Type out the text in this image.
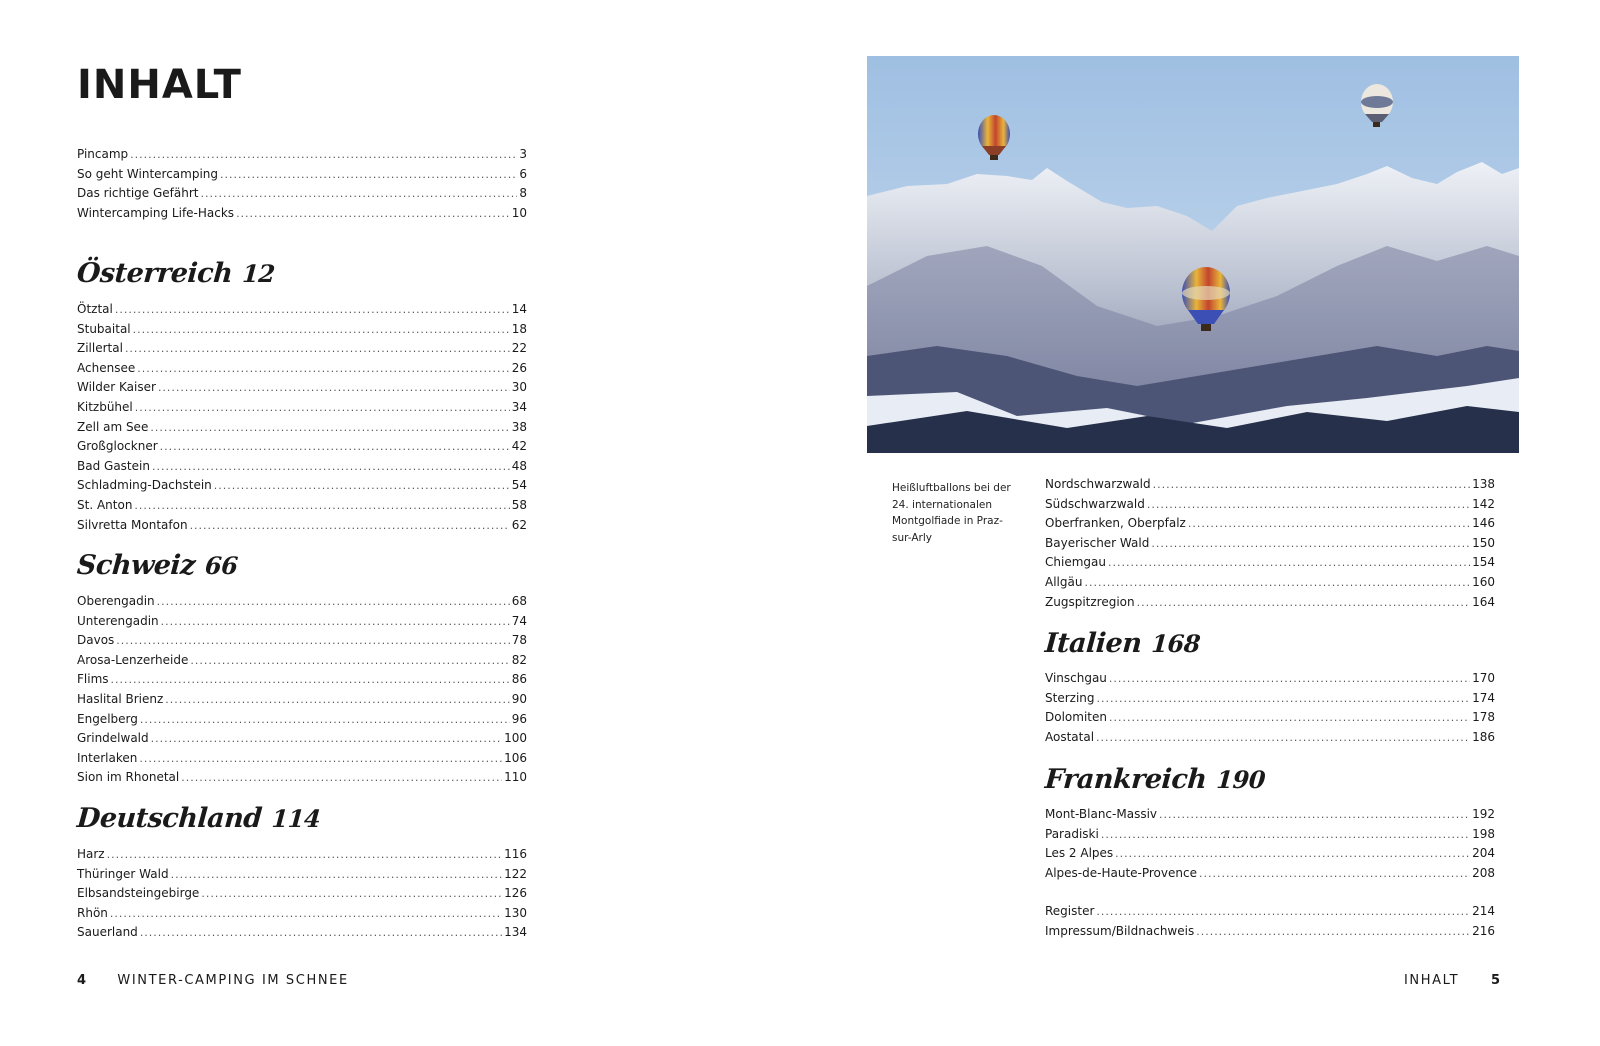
INHALT
Pincamp .....	3
So geht Wintercamping .....	6
Das richtige Gefährt .....	8
Wintercamping Life-Hacks .....	10
Österreich 12
Ötztal .....	14
Stubaital .....	18
Zillertal .....	22
Achensee .....	26
Wilder Kaiser .....	30
Kitzbühel .....	34
Zell am See .....	38
Großglockner .....	42
Bad Gastein .....	48
Schladming-Dachstein .....	54
St. Anton .....	58
Silvretta Montafon .....	62
Schweiz 66
Oberengadin .....	68
Unterengadin .....	74
Davos .....	78
Arosa-Lenzerheide .....	82
Flims .....	86
Haslital Brienz .....	90
Engelberg .....	96
Grindelwald .....	100
Interlaken .....	106
Sion im Rhonetal .....	110
Deutschland 114
Harz .....	116
Thüringer Wald .....	122
Elbsandsteingebirge .....	126
Rhön .....	130
Sauerland .....	134
4 WINTER-CAMPING IM SCHNEE

Heißluftballons bei der 24. internationalen Montgolfiade in Praz-sur-Arly

Nordschwarzwald .....	138
Südschwarzwald .....	142
Oberfranken, Oberpfalz .....	146
Bayerischer Wald .....	150
Chiemgau .....	154
Allgäu .....	160
Zugspitzregion .....	164
Italien 168
Vinschgau .....	170
Sterzing .....	174
Dolomiten .....	178
Aostatal .....	186
Frankreich 190
Mont-Blanc-Massiv .....	192
Paradiski .....	198
Les 2 Alpes .....	204
Alpes-de-Haute-Provence .....	208
Register .....	214
Impressum/Bildnachweis .....	216
INHALT 5
